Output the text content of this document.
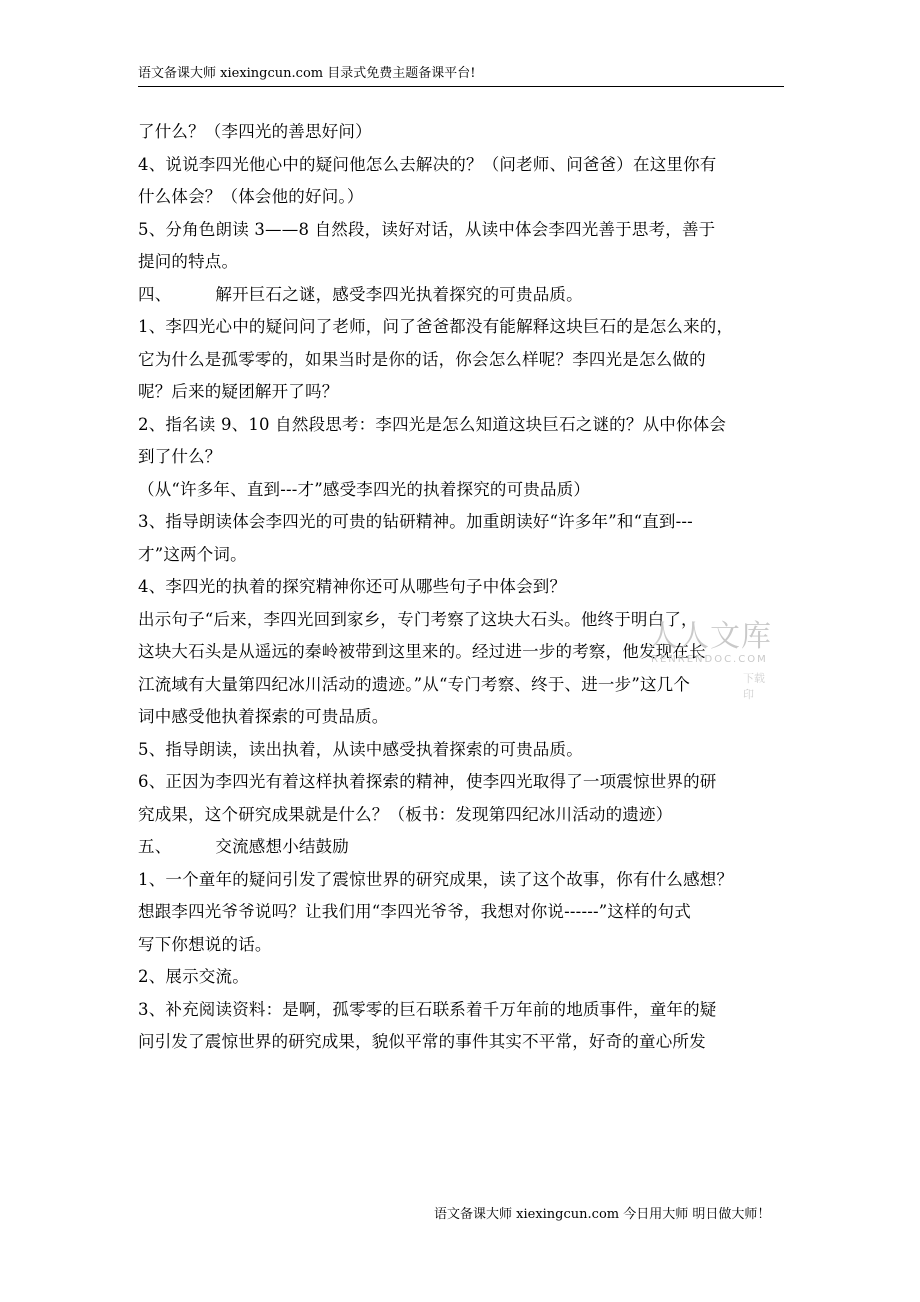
语文备课大师 xiexingcun.com 目录式免费主题备课平台!
了什么？（李四光的善思好问）
4、说说李四光他心中的疑问他怎么去解决的？（问老师、问爸爸）在这里你有
什么体会？（体会他的好问。）
5、分角色朗读 3——8 自然段，读好对话，从读中体会李四光善于思考，善于
提问的特点。
四、	解开巨石之谜，感受李四光执着探究的可贵品质。
1、李四光心中的疑问问了老师，问了爸爸都没有能解释这块巨石的是怎么来的，
它为什么是孤零零的，如果当时是你的话，你会怎么样呢？李四光是怎么做的
呢？后来的疑团解开了吗？
2、指名读 9、10 自然段思考：李四光是怎么知道这块巨石之谜的？从中你体会
到了什么？
（从“许多年、直到---才”感受李四光的执着探究的可贵品质）
3、指导朗读体会李四光的可贵的钻研精神。加重朗读好“许多年”和“直到---
才”这两个词。
4、李四光的执着的探究精神你还可从哪些句子中体会到？
出示句子“后来，李四光回到家乡，专门考察了这块大石头。他终于明白了，
这块大石头是从遥远的秦岭被带到这里来的。经过进一步的考察，他发现在长
江流域有大量第四纪冰川活动的遗迹。”从“专门考察、终于、进一步”这几个
词中感受他执着探索的可贵品质。
5、指导朗读，读出执着，从读中感受执着探索的可贵品质。
6、正因为李四光有着这样执着探索的精神，使李四光取得了一项震惊世界的研
究成果，这个研究成果就是什么？（板书：发现第四纪冰川活动的遗迹）
五、	交流感想小结鼓励
1、一个童年的疑问引发了震惊世界的研究成果，读了这个故事，你有什么感想？
想跟李四光爷爷说吗？让我们用“李四光爷爷，我想对你说------”这样的句式
写下你想说的话。
2、展示交流。
3、补充阅读资料：是啊，孤零零的巨石联系着千万年前的地质事件，童年的疑
问引发了震惊世界的研究成果，貌似平常的事件其实不平常，好奇的童心所发
人人文库
RENRENDOC.COM
下载 印
语文备课大师 xiexingcun.com 今日用大师 明日做大师！
